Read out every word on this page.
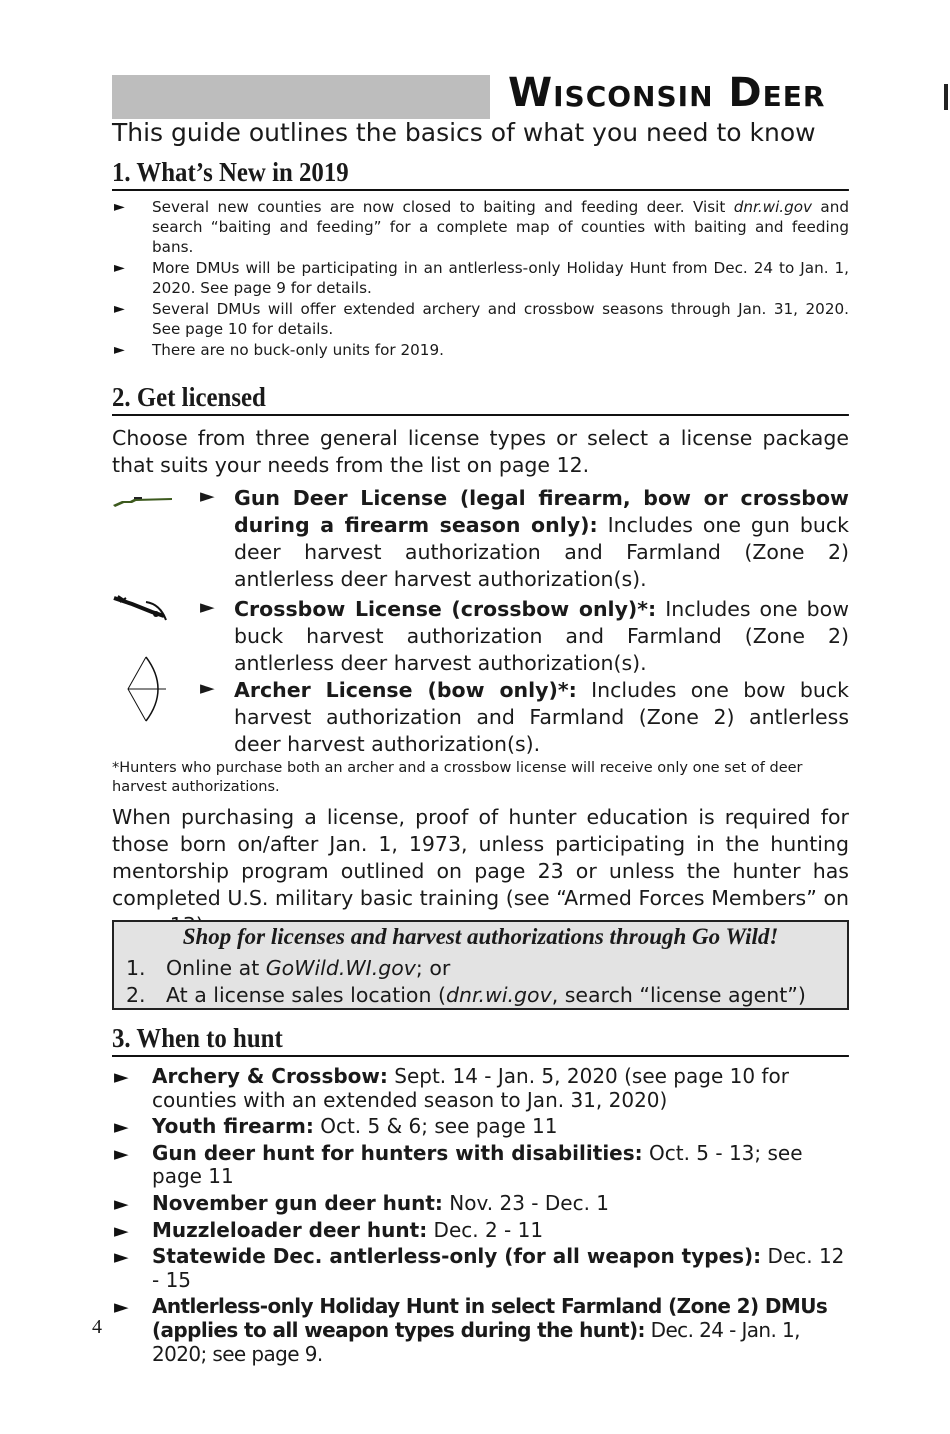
Wisconsin Deer
This guide outlines the basics of what you need to know
1. What’s New in 2019
► Several new counties are now closed to baiting and feeding deer. Visit dnr.wi.gov and search “baiting and feeding” for a complete map of counties with baiting and feeding bans.
► More DMUs will be participating in an antlerless-only Holiday Hunt from Dec. 24 to Jan. 1, 2020. See page 9 for details.
► Several DMUs will offer extended archery and crossbow seasons through Jan. 31, 2020. See page 10 for details.
► There are no buck-only units for 2019.
2. Get licensed
Choose from three general license types or select a license package that suits your needs from the list on page 12.
► Gun Deer License (legal firearm, bow or crossbow during a firearm season only): Includes one gun buck deer harvest authorization and Farmland (Zone 2) antlerless deer harvest authorization(s).
► Crossbow License (crossbow only)*: Includes one bow buck harvest authorization and Farmland (Zone 2) antlerless deer harvest authorization(s).
► Archer License (bow only)*: Includes one bow buck harvest authorization and Farmland (Zone 2) antlerless deer harvest authorization(s).
*Hunters who purchase both an archer and a crossbow license will receive only one set of deer harvest authorizations.
When purchasing a license, proof of hunter education is required for those born on/after Jan. 1, 1973, unless participating in the hunting mentorship program outlined on page 23 or unless the hunter has completed U.S. military basic training (see “Armed Forces Members” on
Shop for licenses and harvest authorizations through Go Wild!
1. Online at GoWild.WI.gov; or
2. At a license sales location (dnr.wi.gov, search “license agent”)
3. When to hunt
► Archery & Crossbow: Sept. 14 - Jan. 5, 2020 (see page 10 for counties with an extended season to Jan. 31, 2020)
► Youth firearm: Oct. 5 & 6; see page 11
► Gun deer hunt for hunters with disabilities: Oct. 5 - 13; see page 11
► November gun deer hunt: Nov. 23 - Dec. 1
► Muzzleloader deer hunt: Dec. 2 - 11
► Statewide Dec. antlerless-only (for all weapon types): Dec. 12 - 15
► Antlerless-only Holiday Hunt in select Farmland (Zone 2) DMUs (applies to all weapon types during the hunt): Dec. 24 - Jan. 1, 2020; see page 9.
4
